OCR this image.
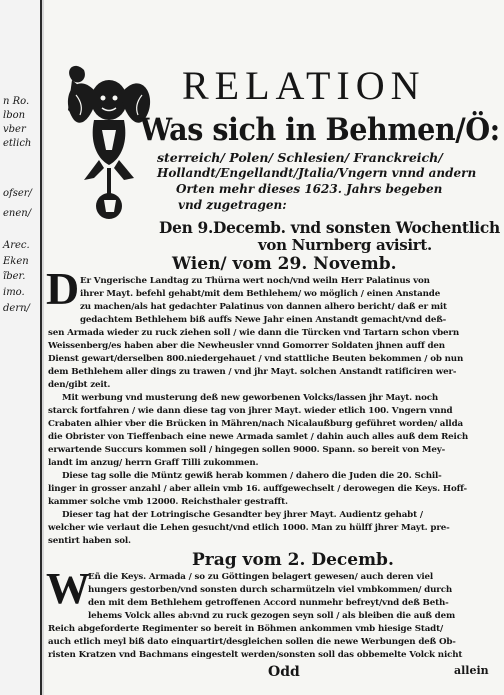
n Ro.
lbon
vber
etlich
ofser/
enen/
Arec.
Eken
ĩber.
imo.
dern/
RELATION
Was sich in Behmen/Ö:
sterreich/ Polen/ Schlesien/ Franckreich/
Hollandt/Engellandt/Jtalia/Vngern vnnd andern
Orten mehr dieses 1623. Jahrs begeben
vnd zugetragen:
Den 9.Decemb. vnd sonsten Wochentlich
von Nurnberg avisirt.
Wien/ vom 29. Novemb.
D Er Vngerische Landtag zu Thürna wert noch/vnd weiln Herr Palatinus von
ihrer Mayt. befehl gehabt/mit dem Bethlehem/ wo möglich / einen Anstande
zu machen/als hat gedachter Palatinus von dannen alhero bericht/ daß er mit
gedachtem Bethlehem biß auffs Newe Jahr einen Anstandt gemacht/vnd deß-
sen Armada wieder zu ruck ziehen soll / wie dann die Türcken vnd Tartarn schon vbern
Weissenberg/es haben aber die Newheusler vnnd Gomorrer Soldaten jhnen auff den
Dienst gewart/derselben 800.niedergehauet / vnd stattliche Beuten bekommen / ob nun
dem Bethlehem aller dings zu trawen / vnd jhr Mayt. solchen Anstandt ratificiren wer-
den/gibt zeit.
Mit werbung vnd musterung deß new geworbenen Volcks/lassen jhr Mayt. noch
starck fortfahren / wie dann diese tag von jhrer Mayt. wieder etlich 100. Vngern vnnd
Crabaten alhier vber die Brücken in Mähren/nach Nicalaußburg geführet worden/ allda
die Obrister von Tieffenbach eine newe Armada samlet / dahin auch alles auß dem Reich
erwartende Succurs kommen soll / hingegen sollen 9000. Spann. so bereit von Mey-
landt im anzug/ herrn Graff Tilli zukommen.
Diese tag solle die Müntz gewiß herab kommen / dahero die Juden die 20. Schil-
linger in grosser anzahl / aber allein vmb 16. auffgewechselt / derowegen die Keys. Hoff-
kammer solche vmb 12000. Reichsthaler gestrafft.
Dieser tag hat der Lotringische Gesandter bey jhrer Mayt. Audientz gehabt /
welcher wie verlaut die Lehen gesucht/vnd etlich 1000. Man zu hülff jhrer Mayt. pre-
sentirt haben sol.
Prag vom 2. Decemb.
W
Eñ die Keys. Armada / so zu Göttingen belagert gewesen/ auch deren viel
hungers gestorben/vnd sonsten durch scharmützeln viel vmbkommen/ durch
den mit dem Bethlehem getroffenen Accord nunmehr befreyt/vnd deß Beth-
lehems Volck alles ab:vnd zu ruck gezogen seyn soll / als bleiben die auß dem
Reich abgeforderte Regimenter so bereit in Böhmen ankommen vmb hiesige Stadt/
auch etlich meyl biß dato einquartirt/desgleichen sollen die newe Werbungen deß Ob-
risten Kratzen vnd Bachmans eingestelt werden/sonsten soll das obbemelte Volck nicht
Odd	allein
